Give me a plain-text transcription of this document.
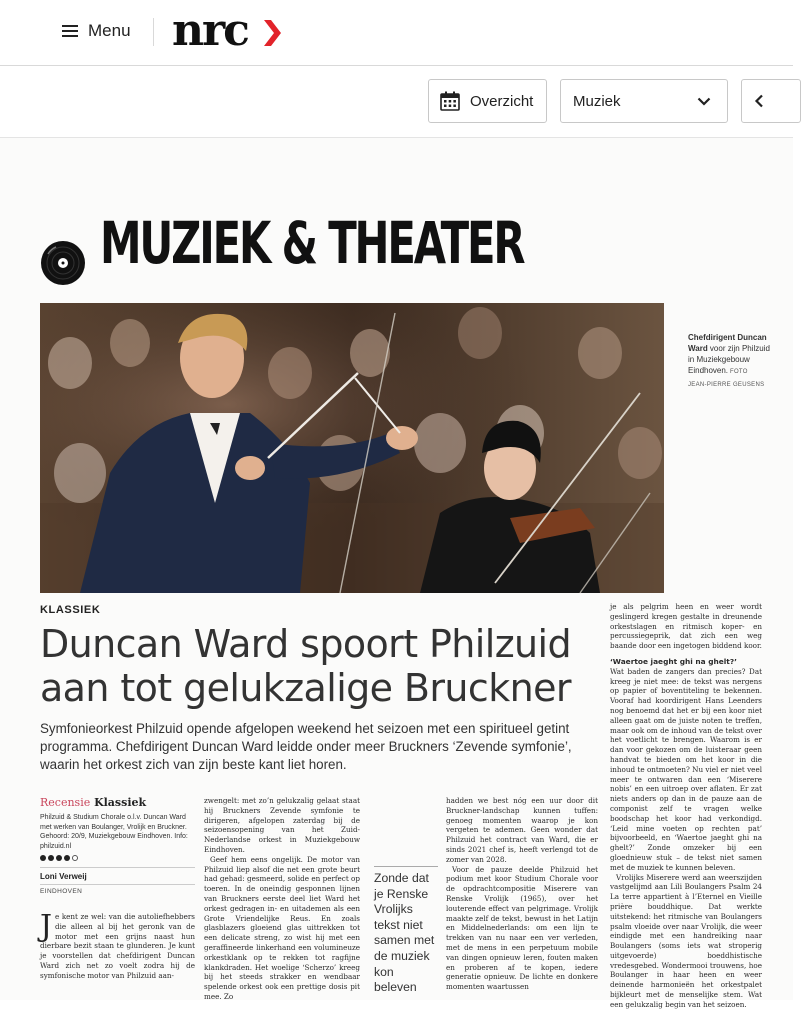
Menu nrc
Overzicht	Muziek
MUZIEK & THEATER
Chefdirigent Duncan Ward voor zijn Philzuid in Muziekgebouw Eindhoven. FOTO
JEAN-PIERRE GEUSENS
KLASSIEK
Duncan Ward spoort Philzuid aan tot gelukzalige Bruckner

Symfonieorkest Philzuid opende afgelopen weekend het seizoen met een spiritueel getint programma. Chefdirigent Duncan Ward leidde onder meer Bruckners ‘Zevende symfonie’, waarin het orkest zich van zijn beste kant liet horen.

Recensie Klassiek
Philzuid & Studium Chorale o.l.v. Duncan Ward met werken van Boulanger, Vrolijk en Bruckner. Gehoord: 20/9, Muziekgebouw Eindhoven. Info: philzuid.nl
Loni Verweij
EINDHOVEN
J e kent ze wel: van die autoliefhebbers die alleen al bij het geronk van de motor met een grijns naast hun dierbare bezit staan te glunderen. Je kunt je voorstellen dat chefdirigent Duncan Ward zich net zo voelt zodra hij de symfonische motor van Philzuid aan-

zwengelt: met zo’n gelukzalig gelaat staat hij Bruckners Zevende symfonie te dirigeren, afgelopen zaterdag bij de seizoensopening van het Zuid-Nederlandse orkest in Muziekgebouw Eindhoven.

Geef hem eens ongelijk. De motor van Philzuid liep alsof die net een grote beurt had gehad: gesmeerd, solide en perfect op toeren. In de oneindig gesponnen lijnen van Bruckners eerste deel liet Ward het orkest gedragen in- en uitademen als een Grote Vriendelijke Reus. En zoals glasblazers gloeiend glas uittrekken tot een delicate streng, zo wist hij met een geraffineerde linkerhand een volumineuze orkestklank op te rekken tot ragfijne klankdraden. Het woelige ‘Scherzo’ kreeg bij het steeds strakker en wendbaar spelende orkest ook een prettige dosis pit mee. Zo

Zonde dat je Renske Vrolijks tekst niet samen met de muziek kon beleven

hadden we best nóg een uur door dit Bruckner-landschap kunnen tuffen: genoeg momenten waarop je kon vergeten te ademen. Geen wonder dat Philzuid het contract van Ward, die er sinds 2021 chef is, heeft verlengd tot de zomer van 2028.

Voor de pauze deelde Philzuid het podium met koor Studium Chorale voor de opdrachtcompositie Miserere van Renske Vrolijk (1965), over het louterende effect van pelgrimage. Vrolijk maakte zelf de tekst, bewust in het Latijn en Middelnederlands: om een lijn te trekken van nu naar een ver verleden, met de mens in een perpetuum mobile van dingen opnieuw leren, fouten maken en proberen af te kopen, iedere generatie opnieuw. De lichte en donkere momenten waartussen

je als pelgrim heen en weer wordt geslingerd kregen gestalte in dreunende orkestslagen en ritmisch koper- en percussiegeprik, dat zich een weg baande door een ingetogen biddend koor.

‘Waertoe jaeght ghi na ghelt?’

Wat baden de zangers dan precies? Dat kreeg je niet mee: de tekst was nergens op papier of boventiteling te bekennen. Vooraf had koordirigent Hans Leenders nog benoemd dat het er bij een koor niet alleen gaat om de juiste noten te treffen, maar ook om de inhoud van de tekst over het voetlicht te brengen. Waarom is er dan voor gekozen om de luisteraar geen handvat te bieden om het koor in die inhoud te ontmoeten? Nu viel er niet veel meer te ontwaren dan een ‘Miserere nobis’ en een uitroep over aflaten. Er zat niets anders op dan in de pauze aan de componist zelf te vragen welke boodschap het koor had verkondigd. ‘Leid mine voeten op rechten pat’ bijvoorbeeld, en ‘Waertoe jaeght ghi na ghelt?’ Zonde omzeker bij een gloednieuw stuk – de tekst niet samen met de muziek te kunnen beleven.

Vrolijks Miserere werd aan weerszijden vastgelijmd aan Lili Boulangers Psalm 24 La terre appartient à l’Eternel en Vieille prière bouddhique. Dat werkte uitstekend: het ritmische van Boulangers psalm vloeide over naar Vrolijk, die weer eindigde met een handreiking naar Boulangers (soms iets wat stroperig uitgevoerde) boeddhistische vredesgebed. Wondermooi trouwens, hoe Boulanger in haar heen en weer deinende harmonieën het orkestpalet bijkleurt met de menselijke stem. Wat een gelukzalig begin van het seizoen.
